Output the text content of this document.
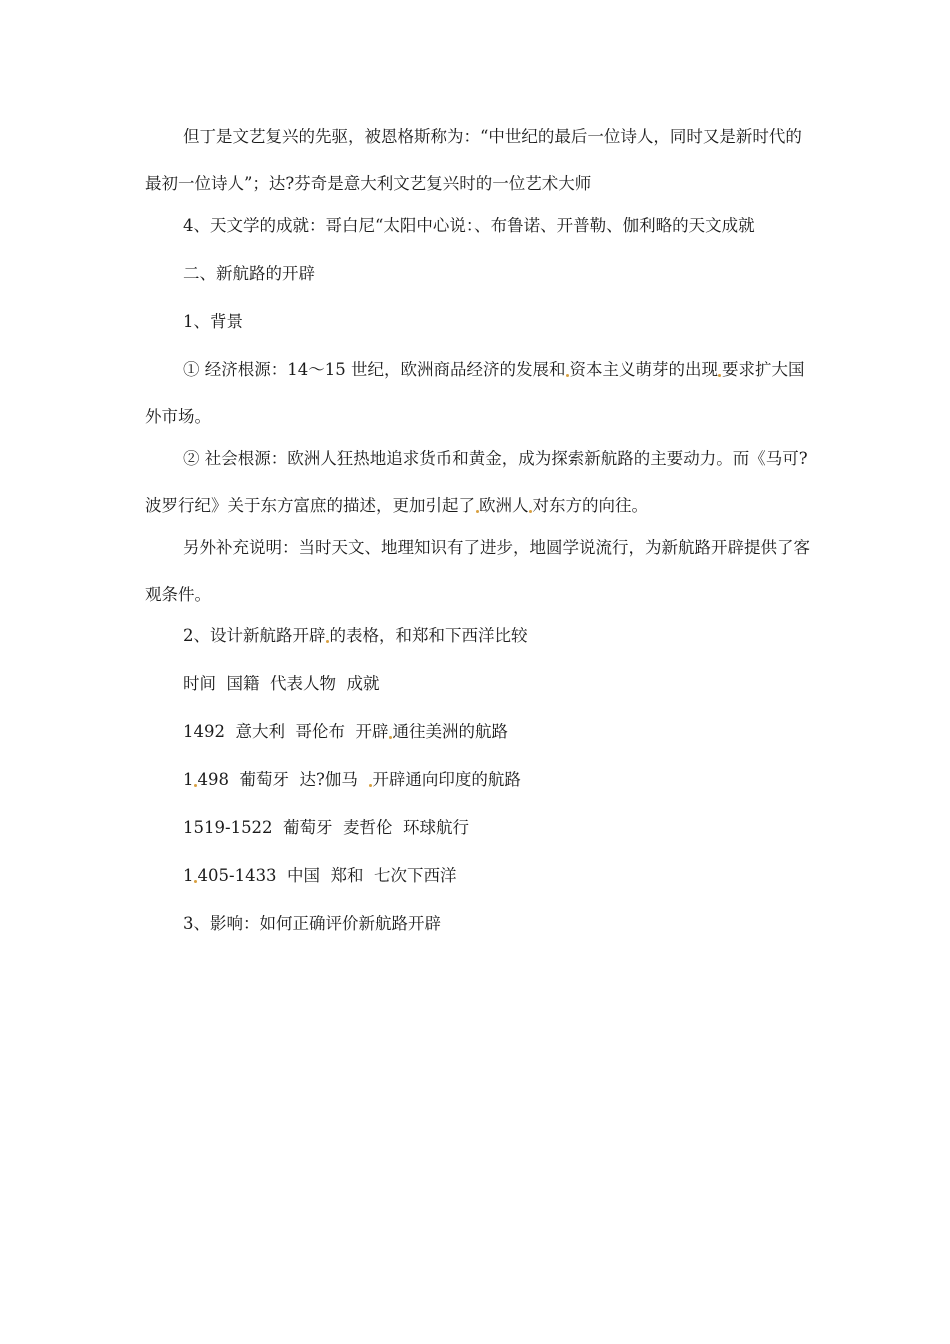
但丁是文艺复兴的先驱，被恩格斯称为：“中世纪的最后一位诗人，同时又是新时代的最初一位诗人”；达?芬奇是意大利文艺复兴时的一位艺术大师

4、天文学的成就：哥白尼“太阳中心说：、布鲁诺、开普勒、伽利略的天文成就

二、新航路的开辟

1、背景

① 经济根源：14～15 世纪，欧洲商品经济的发展和 资本主义萌芽的出现 要求扩大国外市场。

② 社会根源：欧洲人狂热地追求货币和黄金，成为探索新航路的主要动力。而《马可?波罗行纪》关于东方富庶的描述，更加引起了 欧洲人 对东方的向往。

另外补充说明：当时天文、地理知识有了进步，地圆学说流行，为新航路开辟提供了客观条件。

2、设计新航路开辟 的表格，和郑和下西洋比较

时间 国籍 代表人物 成就

1492  意大利  哥伦布  开辟 通往美洲的航路

1 498  葡萄牙  达?伽马  开辟通向印度的航路

1519-1522  葡萄牙  麦哲伦  环球航行

1 405-1433  中国  郑和  七次下西洋

3、影响：如何正确评价新航路开辟
